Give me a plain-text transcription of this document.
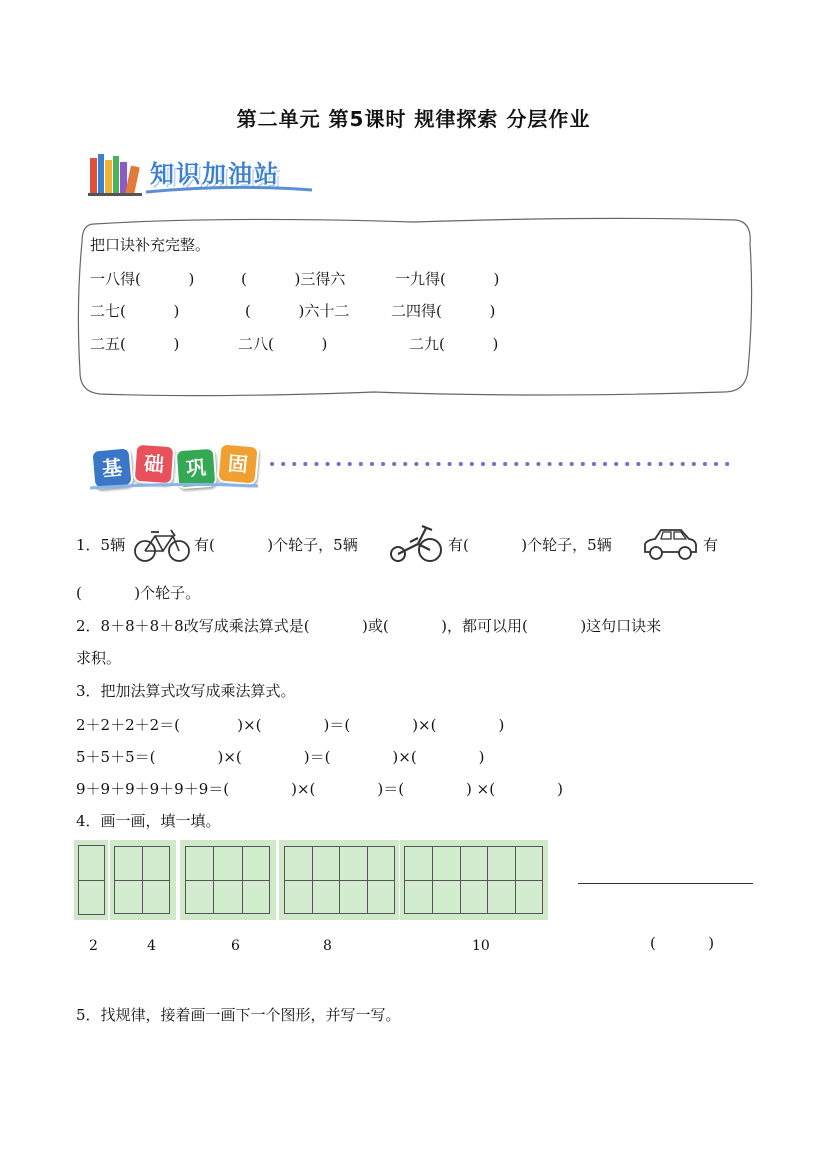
第二单元 第5课时 规律探索 分层作业
知识加油站
把口诀补充完整。
一八得(          )	(          )三得六	一九得(          )
二七(          )	(          )六十二	二四得(          )
二五(          )	二八(          )	二九(          )
基	础	巩	固
1．5辆	有(           )个轮子，5辆	有(           )个轮子，5辆	有
(           )个轮子。
2．8＋8＋8＋8改写成乘法算式是(           )或(           )，都可以用(           )这句口诀来
求积。
3．把加法算式改写成乘法算式。
2＋2＋2＋2＝(            )×(             )＝(             )×(             )
5＋5＋5＝(             )×(             )＝(             )×(             )
9＋9＋9＋9＋9＋9＝(             )×(             )＝(             ) ×(             )
4．画一画，填一填。
2	4	6	8	10	(           )
5．找规律，接着画一画下一个图形，并写一写。
